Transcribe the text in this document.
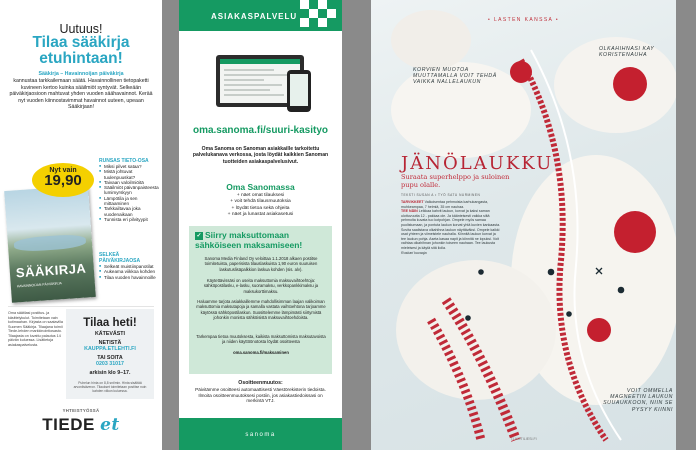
Uutuus!
Tilaa sääkirja etuhintaan!
Sääkirja – Havainnoijan päiväkirja
kannustaa tarkkailemaan säätä. Havainnollinen tietopaketti kuvineen kertoo kuinka sääilmiöt syntyvät. Selkeään päiväkirjaosioon mahtuvat yhden vuoden säähavainnot. Kerää nyt vuoden kiinnostavimmat havainnot uuteen, upeaan Sääkirjaan!
SÄÄKIRJA
HAVAINNOIJAN PÄIVÄKIRJA
Nyt vain
19,90
RUNSAS TIETO-OSA
■ Miksi pilvet sataa?
■ Mistä johtuvat tuulenpuuskat?
■ Taivaan valoilmiöitä
■ Sääilmiöt päivänpaisteesta lumimyrskyyn
■ Lämpötila ja sen mittaaminen
■ Tarkkailtavaa joka vuodenaikaan
■ Tunnista eri pilvityypit
SELKEÄ PÄIVÄKIRJAOSA
■ Selkeät muistiinpanotilat
■ Aukeama viikkoa kohden
■ Tilaa vuoden havainnoille
Oma säätilasi postitus- ja käsittelykulut. Toimitetaan vain kotimaahan. Kirjasta on saatavilla Suomen Sääkirja. Tilaajana toimii Tiede-lehden markkinointiosasto. Tilaajasta on luvattu palautus 14 päivän kuluessa. Lisätietoja asiakaspalvelusta.
Tilaa heti!
KÄTEVÄSTI
NETISTÄ
KAUPPA.ETLEHTI.FI
TAI SOITA
0203 31017
arkisin klo 9–17.
Puhelun hinta on 8,8 snt/min. Hinta sisältää arvonlisäveron. Tilaukset toimitetaan postitse noin kahden viikon kuluessa.
YHTEISTYÖSSÄ
TIEDE et
ASIAKASPALVELU
oma.sanoma.fi/suuri-kasityo
Oma Sanoma on Sanoman asiakkaille tarkoitettu palvelukanava verkossa, josta löydät kaikkien Sanoman tuotteiden asiakaspalvelusivut.
Oma Sanomassa
+ näet omat tilauksesi
+ voit tehdä tilausmuutoksia
+ löydät tietoa sekä ohjeita
+ näet ja lunastat asiakasetusi
✓ Siirry maksuttomaan sähköiseen maksamiseen!
Sanoma Media Finland Oy veloittaa 1.1.2018 alkaen postitse toimitetuista, paperisista tilauslaskuista 1,90 euron suuruisen laskutuslisäpalkkion laskua kohden (sis. alv).
Käytettävissäsi on useita maksuttomia maksuvaihtoehtoja: sähköpostilasku, e-lasku, suoramaksu, verkkopankkimaksu ja maksukorttimaksu.
Haluamme tarjota asiakkaillemme mahdollisimman laajan valikoiman maksuttomia maksutapoja ja samalla vastata vaihtoehtona tarjoamme käytössä sähköpostilaskun. Suosittelemme lämpimästi siirtymistä johonkin monista sähköisistä maksuvaihtoehdoista.
Tarkempaa tietoa muutoksesta, kaikista maksuttomista maksutavoista ja niiden käyttöönotosta löydät osoitteesta
oma.sanoma.fi/maksaminen
Osoitteenmuutos:
Päivitämme osoitteesi automaattisesti Väestörekisterin tiedoista. Ilmoita osoitteenmuutoksesi postiin, jos asiakastiedoissasi on merkintä VTJ.
sanoma
• LASTEN KANSSA •
OLKAHIHNASI KAY KORISTENAUHA
KORVIEN MUOTOA MUUTTAMALLA VOIT TEHDÄ VAIKKA NALLELAUKUN
JÄNÖLAUKKU
Suraata superhelppo ja suloinen pupu olalle.
TEKSTI SUSAN A • TYÖ SATU NURMINEN
TARVIKKEET Valkoisentaa pehmoista karhukangasta, muhkeampaa, 7 helmiä, 35 cm nauhaa.
TEE NÄIN Leikkaa kahvit laukun, korvat ja kaksi saman ulottuvuutta 12 - pakkaa ole. Ja käänteisesti vaikka siltä pehmolta kuvata tuo kotpohjan. Ompele myös samaa puolistumaan, ja pontuta laukun korvat yhtä kuvien kankaasta. Sovita saalistava olkahihna laukun näyttäväksi. Ompele kaikki osat yhteen ja viimeistele nauhalla. Kiinnitä laukun korvat ja tee laukun pohja. Aseta kasaa napit ja kiinnitä ne lopuksi. Voit vaihtaa olkahihnan johonkin toiseen nauhaan. Tee laukusta mieleisesi ja käytä sitä ilolla.
Ruskari kuvaaja
VOIT OMMELLA MAGNEETIN LAUKUN SUUAUKKOON, NIIN SE PYSYY KIINNI
71 KOTILIESI.FI
